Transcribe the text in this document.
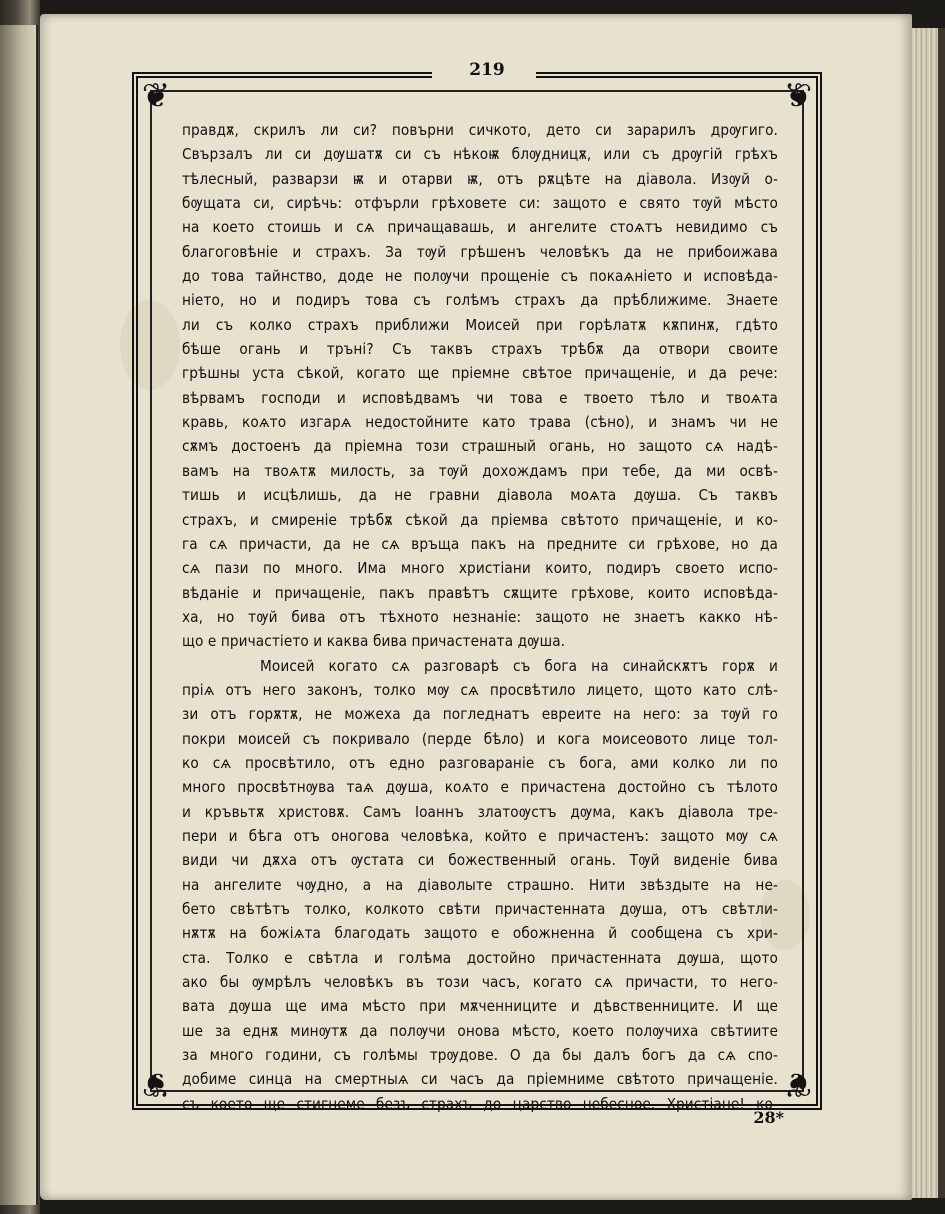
❦	❦
❦	❦
219
правдѫ, скрилъ ли си? повърни сичкото, дето си зарарилъ дрѹгиго.
Свързалъ ли си дѹшатѫ си съ нѣкоѭ блѹдницѫ, или съ дрѹгій грѣхъ
тѣлесный, разварзи ѭ и отарви ѭ, отъ рѫцѣте на діавола. Изѹй о-
бѹщата си, сирѣчь: отфърли грѣховете си: защото е свято тѹй мѣсто
на което стоишь и сѧ причащавашь, и ангелите стоѧтъ невидимо съ
благоговѣніе и страхъ. За тѹй грѣшенъ человѣкъ да не прибоижава
до това тайнство, доде не полѹчи прощеніе съ покаѧніето и исповѣда-
ніето, но и подиръ това съ голѣмъ страхъ да прѣближиме. Знаете
ли съ колко страхъ приближи Моисей при горѣлатѫ кѫпинѫ, гдѣто
бѣше огань и трънi? Съ таквъ страхъ трѣбѫ да отвори своите
грѣшны уста сѣкой, когато ще пріемне свѣтое причащеніе, и да рече:
вѣрвамъ господи и исповѣдвамъ чи това е твоето тѣло и твоѧта
кравь, коѧто изгарѧ недостойните като трава (сѣно), и знамъ чи не
сѫмъ достоенъ да пріемна този страшный огань, но защото сѧ надѣ-
вамъ на твоѧтѫ милость, за тѹй дохождамъ при тебе, да ми освѣ-
тишь и исцѣлишь, да не гравни діавола моѧта дѹша. Съ таквъ
страхъ, и смиреніе трѣбѫ сѣкой да пріемва свѣтото причащеніе, и ко-
га сѧ причасти, да не сѧ връща пакъ на предните си грѣхове, но да
сѧ пази по много. Има много христіани които, подиръ своето испо-
вѣданіе и причащеніе, пакъ правѣтъ сѫщите грѣхове, които исповѣда-
ха, но тѹй бива отъ тѣхното незнаніе: защото не знаетъ какко нѣ-
що е причастіето и каква бива причастената дѹша.
Моисей когато сѧ разговарѣ съ бога на синайскѫтъ горѫ и
пріѧ отъ него законъ, толко мѹ сѧ просвѣтило лицето, щото като слѣ-
зи отъ горѫтѫ, не можеха да погледнатъ евреите на него: за тѹй го
покри моисей съ покривало (перде бѣло) и кога моисеовото лице тол-
ко сѧ просвѣтило, отъ едно разговаранiе съ бога, ами колко ли по
много просвѣтнѹва таѧ дѹша, коѧто е причастена достойно съ тѣлото
и кръвьтѫ христовѫ. Самъ Іоаннъ златоѹстъ дѹма, какъ діавола тре-
пери и бѣга отъ оногова человѣка, който е причастенъ: защото мѹ сѧ
види чи дѫха отъ ѹстата си божественный огань. Тѹй виденіе бива
на ангелите чѹдно, а на діаволыте страшно. Нити звѣздыте на не-
бето свѣтѣтъ толко, колкото свѣти причастенната дѹша, отъ свѣтли-
нѫтѫ на божіѧта благодать защото е обожненна й сообщена съ хри-
ста. Толко е свѣтла и голѣма достойно причастенната дѹша, щото
ако бы ѹмрѣлъ человѣкъ въ този часъ, когато сѧ причасти, то него-
вата дѹша ще има мѣсто при мѫченниците и дѣвственниците. И ще
ше за еднѫ минѹтѫ да полѹчи онова мѣсто, което полѹчиха свѣтиите
за много години, съ голѣмы трѹдове. О да бы далъ богъ да сѧ спо-
добиме синца на смертныѧ си часъ да пріемниме свѣтото причащеніе.
съ което ще стигнеме безъ страхъ до царство небесное. Христіане! ко-
28*
